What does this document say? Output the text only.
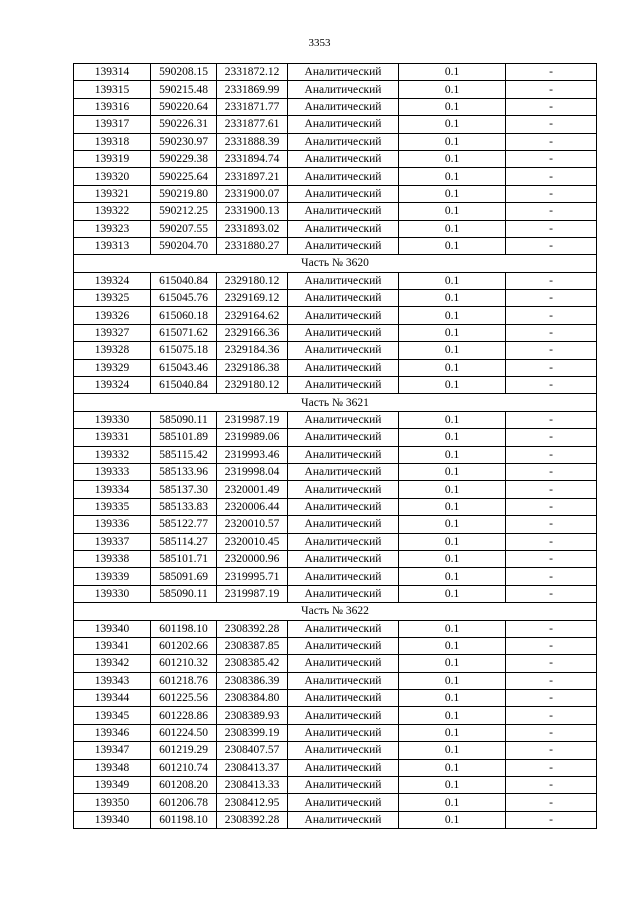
3353
139314	590208.15	2331872.12	Аналитический	0.1	-
139315	590215.48	2331869.99	Аналитический	0.1	-
139316	590220.64	2331871.77	Аналитический	0.1	-
139317	590226.31	2331877.61	Аналитический	0.1	-
139318	590230.97	2331888.39	Аналитический	0.1	-
139319	590229.38	2331894.74	Аналитический	0.1	-
139320	590225.64	2331897.21	Аналитический	0.1	-
139321	590219.80	2331900.07	Аналитический	0.1	-
139322	590212.25	2331900.13	Аналитический	0.1	-
139323	590207.55	2331893.02	Аналитический	0.1	-
139313	590204.70	2331880.27	Аналитический	0.1	-
Часть № 3620					
139324	615040.84	2329180.12	Аналитический	0.1	-
139325	615045.76	2329169.12	Аналитический	0.1	-
139326	615060.18	2329164.62	Аналитический	0.1	-
139327	615071.62	2329166.36	Аналитический	0.1	-
139328	615075.18	2329184.36	Аналитический	0.1	-
139329	615043.46	2329186.38	Аналитический	0.1	-
139324	615040.84	2329180.12	Аналитический	0.1	-
Часть № 3621					
139330	585090.11	2319987.19	Аналитический	0.1	-
139331	585101.89	2319989.06	Аналитический	0.1	-
139332	585115.42	2319993.46	Аналитический	0.1	-
139333	585133.96	2319998.04	Аналитический	0.1	-
139334	585137.30	2320001.49	Аналитический	0.1	-
139335	585133.83	2320006.44	Аналитический	0.1	-
139336	585122.77	2320010.57	Аналитический	0.1	-
139337	585114.27	2320010.45	Аналитический	0.1	-
139338	585101.71	2320000.96	Аналитический	0.1	-
139339	585091.69	2319995.71	Аналитический	0.1	-
139330	585090.11	2319987.19	Аналитический	0.1	-
Часть № 3622					
139340	601198.10	2308392.28	Аналитический	0.1	-
139341	601202.66	2308387.85	Аналитический	0.1	-
139342	601210.32	2308385.42	Аналитический	0.1	-
139343	601218.76	2308386.39	Аналитический	0.1	-
139344	601225.56	2308384.80	Аналитический	0.1	-
139345	601228.86	2308389.93	Аналитический	0.1	-
139346	601224.50	2308399.19	Аналитический	0.1	-
139347	601219.29	2308407.57	Аналитический	0.1	-
139348	601210.74	2308413.37	Аналитический	0.1	-
139349	601208.20	2308413.33	Аналитический	0.1	-
139350	601206.78	2308412.95	Аналитический	0.1	-
139340	601198.10	2308392.28	Аналитический	0.1	-
